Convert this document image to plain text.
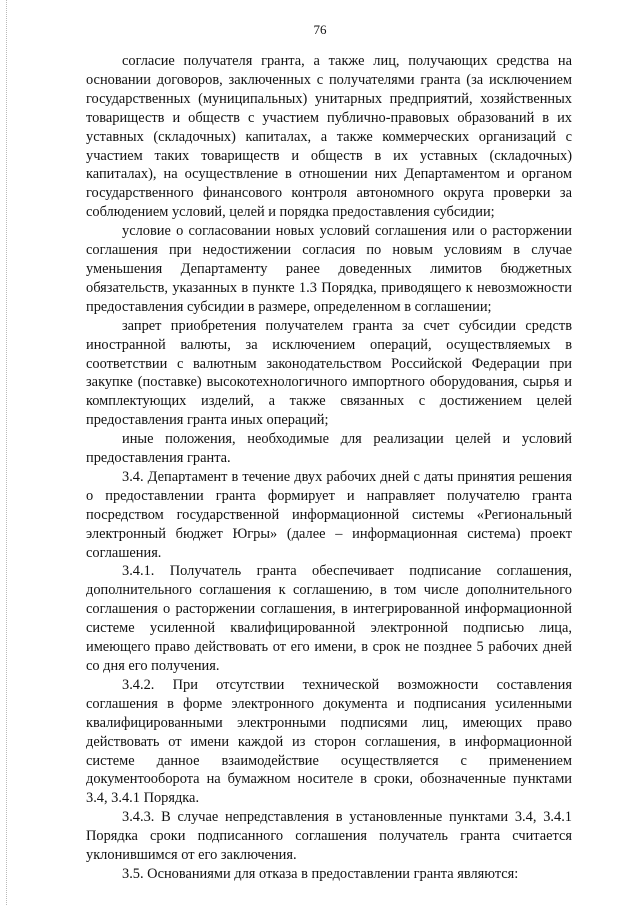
76

согласие получателя гранта, а также лиц, получающих средства на основании договоров, заключенных с получателями гранта (за исключением государственных (муниципальных) унитарных предприятий, хозяйственных товариществ и обществ с участием публично-правовых образований в их уставных (складочных) капиталах, а также коммерческих организаций с участием таких товариществ и обществ в их уставных (складочных) капиталах), на осуществление в отношении них Департаментом и органом государственного финансового контроля автономного округа проверки за соблюдением условий, целей и порядка предоставления субсидии;

условие о согласовании новых условий соглашения или о расторжении соглашения при недостижении согласия по новым условиям в случае уменьшения Департаменту ранее доведенных лимитов бюджетных обязательств, указанных в пункте 1.3 Порядка, приводящего к невозможности предоставления субсидии в размере, определенном в соглашении;

запрет приобретения получателем гранта за счет субсидии средств иностранной валюты, за исключением операций, осуществляемых в соответствии с валютным законодательством Российской Федерации при закупке (поставке) высокотехнологичного импортного оборудования, сырья и комплектующих изделий, а также связанных с достижением целей предоставления гранта иных операций;

иные положения, необходимые для реализации целей и условий предоставления гранта.

3.4. Департамент в течение двух рабочих дней с даты принятия решения о предоставлении гранта формирует и направляет получателю гранта посредством государственной информационной системы «Региональный электронный бюджет Югры» (далее – информационная система) проект соглашения.

3.4.1. Получатель гранта обеспечивает подписание соглашения, дополнительного соглашения к соглашению, в том числе дополнительного соглашения о расторжении соглашения, в интегрированной информационной системе усиленной квалифицированной электронной подписью лица, имеющего право действовать от его имени, в срок не позднее 5 рабочих дней со дня его получения.

3.4.2. При отсутствии технической возможности составления соглашения в форме электронного документа и подписания усиленными квалифицированными электронными подписями лиц, имеющих право действовать от имени каждой из сторон соглашения, в информационной системе данное взаимодействие осуществляется с применением документооборота на бумажном носителе в сроки, обозначенные пунктами 3.4, 3.4.1 Порядка.

3.4.3. В случае непредставления в установленные пунктами 3.4, 3.4.1 Порядка сроки подписанного соглашения получатель гранта считается уклонившимся от его заключения.

3.5. Основаниями для отказа в предоставлении гранта являются:
